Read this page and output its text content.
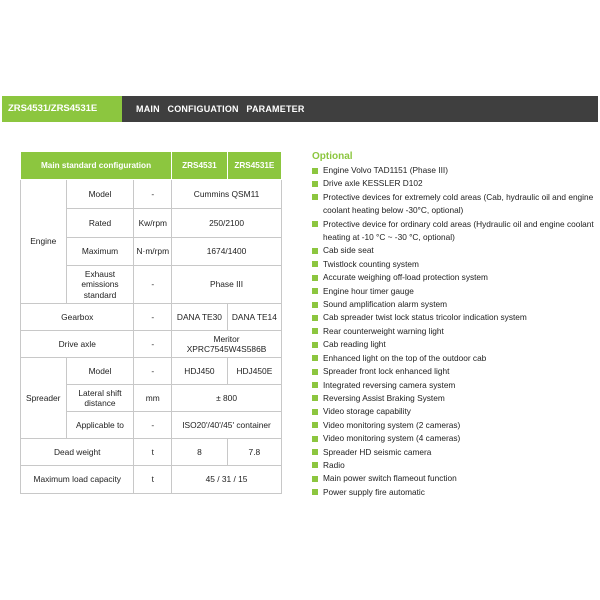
ZRS4531/ZRS4531E	MAIN CONFIGUATION PARAMETER
Main standard configuration			ZRS4531	ZRS4531E
Engine	Model	-	Cummins QSM11	
	Rated	Kw/rpm	250/2100	
	Maximum	N·m/rpm	1674/1400	
	Exhaust emissions standard	-	Phase III	
Gearbox		-	DANA TE30	DANA TE14
Drive axle		-	Meritor XPRC7545W4S586B	
Spreader	Model	-	HDJ450	HDJ450E
	Lateral shift distance	mm	± 800	
	Applicable to	-	ISO20'/40'/45' container	
Dead weight		t	8	7.8
Maximum load capacity		t	45 / 31 / 15	
Optional
Engine Volvo TAD1151 (Phase III)
Drive axle KESSLER D102
Protective devices for extremely cold areas (Cab, hydraulic oil and engine coolant heating below -30°C, optional)
Protective device for ordinary cold areas (Hydraulic oil and engine coolant heating at -10 °C ~ -30 °C, optional)
Cab side seat
Twistlock counting system
Accurate weighing off-load protection system
Engine hour timer gauge
Sound amplification alarm system
Cab spreader twist lock status tricolor indication system
Rear counterweight warning light
Cab reading light
Enhanced light on the top of the outdoor cab
Spreader front lock enhanced light
Integrated reversing camera system
Reversing Assist Braking System
Video storage capability
Video monitoring system (2 cameras)
Video monitoring system (4 cameras)
Spreader HD seismic camera
Radio
Main power switch flameout function
Power supply fire automatic
